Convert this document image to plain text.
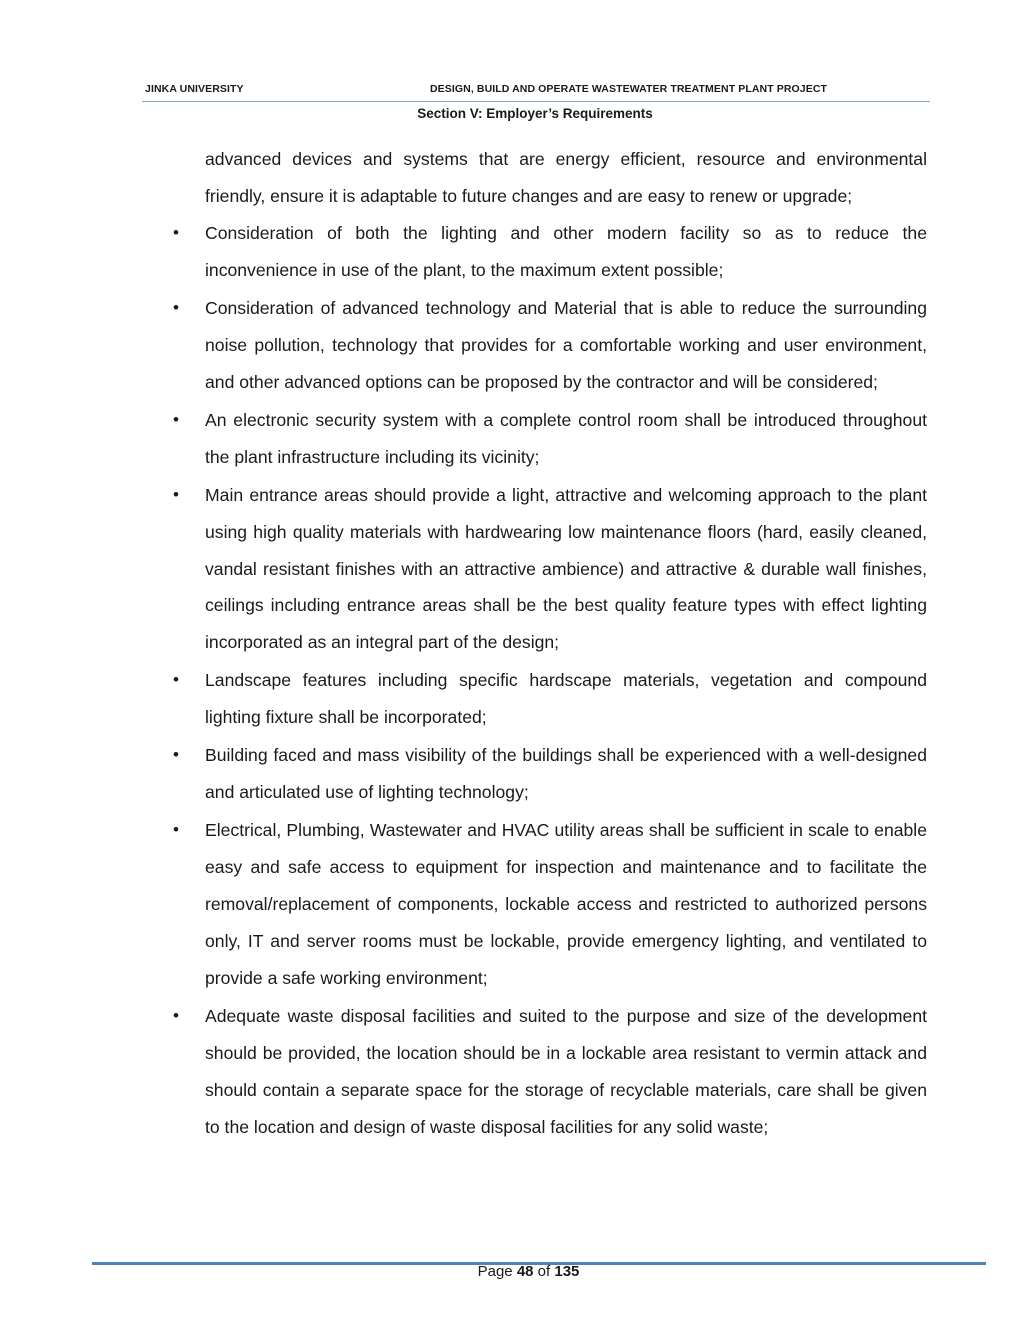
JINKA UNIVERSITY	DESIGN, BUILD AND OPERATE WASTEWATER TREATMENT PLANT PROJECT
Section V: Employer’s Requirements

advanced devices and systems that are energy efficient, resource and environmental friendly, ensure it is adaptable to future changes and are easy to renew or upgrade;

• Consideration of both the lighting and other modern facility so as to reduce the inconvenience in use of the plant, to the maximum extent possible;
• Consideration of advanced technology and Material that is able to reduce the surrounding noise pollution, technology that provides for a comfortable working and user environment, and other advanced options can be proposed by the contractor and will be considered;
• An electronic security system with a complete control room shall be introduced throughout the plant infrastructure including its vicinity;
• Main entrance areas should provide a light, attractive and welcoming approach to the plant using high quality materials with hardwearing low maintenance floors (hard, easily cleaned, vandal resistant finishes with an attractive ambience) and attractive & durable wall finishes, ceilings including entrance areas shall be the best quality feature types with effect lighting incorporated as an integral part of the design;
• Landscape features including specific hardscape materials, vegetation and compound lighting fixture shall be incorporated;
• Building faced and mass visibility of the buildings shall be experienced with a well-designed and articulated use of lighting technology;
• Electrical, Plumbing, Wastewater and HVAC utility areas shall be sufficient in scale to enable easy and safe access to equipment for inspection and maintenance and to facilitate the removal/replacement of components, lockable access and restricted to authorized persons only, IT and server rooms must be lockable, provide emergency lighting, and ventilated to provide a safe working environment;
• Adequate waste disposal facilities and suited to the purpose and size of the development should be provided, the location should be in a lockable area resistant to vermin attack and should contain a separate space for the storage of recyclable materials, care shall be given to the location and design of waste disposal facilities for any solid waste;
Page 48 of 135
